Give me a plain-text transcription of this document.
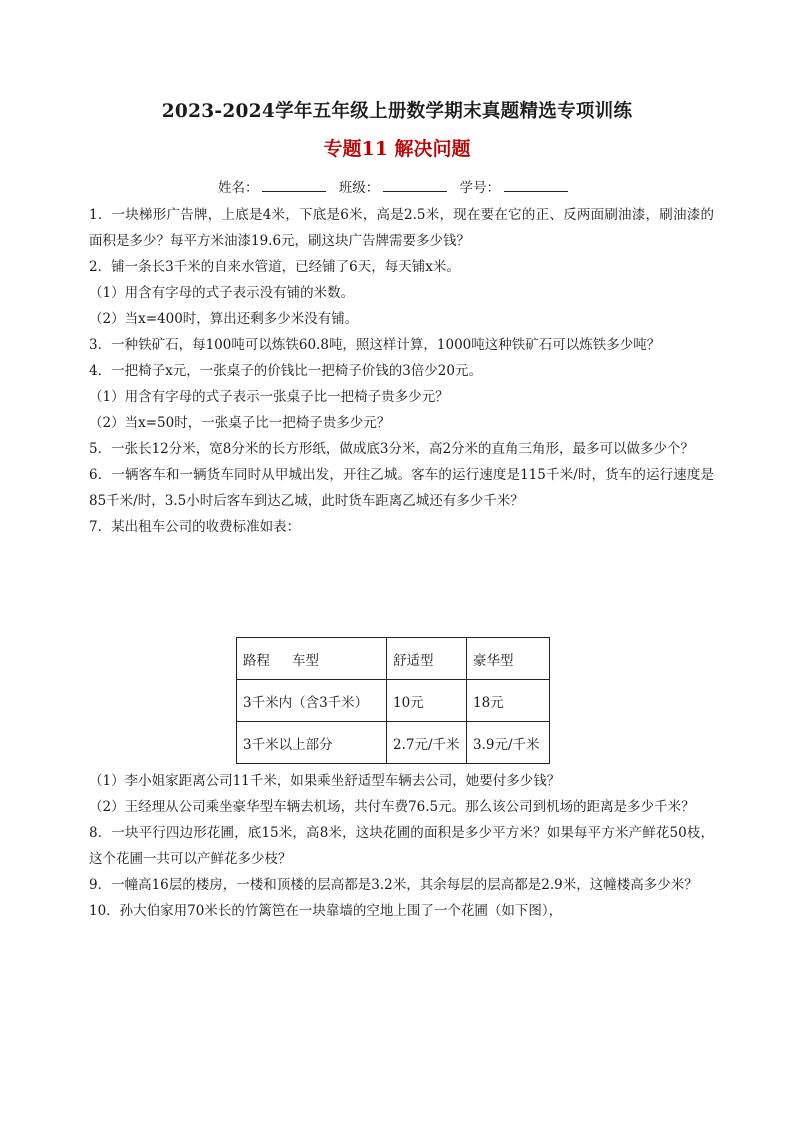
2023-2024学年五年级上册数学期末真题精选专项训练
专题11 解决问题
姓名：	班级：	学号：

1．一块梯形广告牌，上底是4米，下底是6米，高是2.5米，现在要在它的正、反两面刷油漆，刷油漆的面积是多少？每平方米油漆19.6元，刷这块广告牌需要多少钱？

2．铺一条长3千米的自来水管道，已经铺了6天，每天铺x米。

（1）用含有字母的式子表示没有铺的米数。

（2）当x=400时，算出还剩多少米没有铺。

3．一种铁矿石，每100吨可以炼铁60.8吨，照这样计算，1000吨这种铁矿石可以炼铁多少吨？

4．一把椅子x元，一张桌子的价钱比一把椅子价钱的3倍少20元。

（1）用含有字母的式子表示一张桌子比一把椅子贵多少元？

（2）当x=50时，一张桌子比一把椅子贵多少元？

5．一张长12分米，宽8分米的长方形纸，做成底3分米，高2分米的直角三角形，最多可以做多少个？

6．一辆客车和一辆货车同时从甲城出发，开往乙城。客车的运行速度是115千米/时，货车的运行速度是85千米/时，3.5小时后客车到达乙城，此时货车距离乙城还有多少千米？

7．某出租车公司的收费标准如表：

路程 车型	舒适型	豪华型
3千米内（含3千米）	10元	18元
3千米以上部分	2.7元/千米	3.9元/千米

（1）李小姐家距离公司11千米，如果乘坐舒适型车辆去公司，她要付多少钱？

（2）王经理从公司乘坐豪华型车辆去机场，共付车费76.5元。那么该公司到机场的距离是多少千米？

8．一块平行四边形花圃，底15米，高8米，这块花圃的面积是多少平方米？如果每平方米产鲜花50枝，这个花圃一共可以产鲜花多少枝？

9．一幢高16层的楼房，一楼和顶楼的层高都是3.2米，其余每层的层高都是2.9米，这幢楼高多少米？

10．孙大伯家用70米长的竹篱笆在一块靠墙的空地上围了一个花圃（如下图），
